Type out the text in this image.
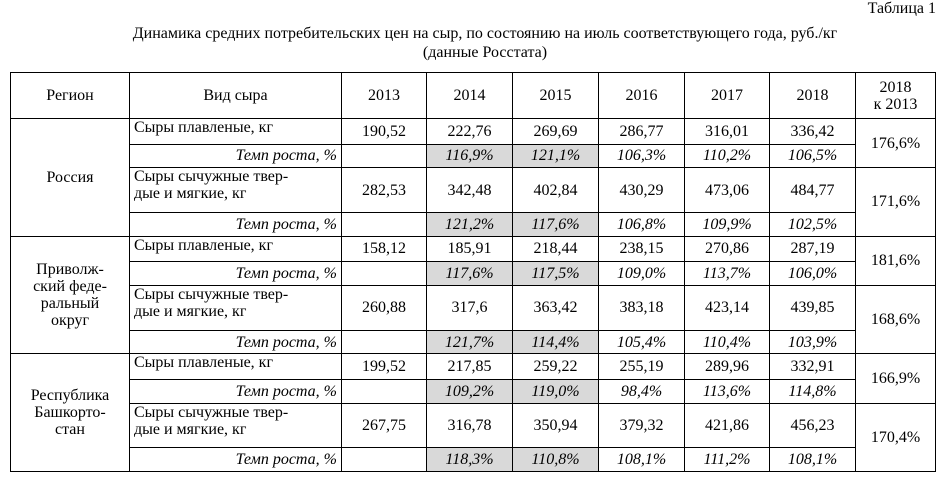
Таблица 1
Динамика средних потребительских цен на сыр, по состоянию на июль соответствующего года, руб./кг
(данные Росстата)
Регион	Вид сыра	2013	2014	2015	2016	2017	2018	2018
к 2013

Россия	Сыры плавленые, кг	190,52	222,76	269,69	286,77	316,01	336,42	176,6%
	Темп роста, %		116,9%	121,1%	106,3%	110,2%	106,5%	

	Сыры сычужные твер-
дые и мягкие, кг	282,53	342,48	402,84	430,29	473,06	484,77	171,6%
	Темп роста, %		121,2%	117,6%	106,8%	109,9%	102,5%	

Приволж-
ский феде-
ральный
округ	Сыры плавленые, кг	158,12	185,91	218,44	238,15	270,86	287,19	181,6%
	Темп роста, %		117,6%	117,5%	109,0%	113,7%	106,0%	

	Сыры сычужные твер-
дые и мягкие, кг	260,88	317,6	363,42	383,18	423,14	439,85	168,6%
	Темп роста, %		121,7%	114,4%	105,4%	110,4%	103,9%	

Республика
Башкорто-
стан	Сыры плавленые, кг	199,52	217,85	259,22	255,19	289,96	332,91	166,9%
	Темп роста, %		109,2%	119,0%	98,4%	113,6%	114,8%	

	Сыры сычужные твер-
дые и мягкие, кг	267,75	316,78	350,94	379,32	421,86	456,23	170,4%
	Темп роста, %		118,3%	110,8%	108,1%	111,2%	108,1%	
